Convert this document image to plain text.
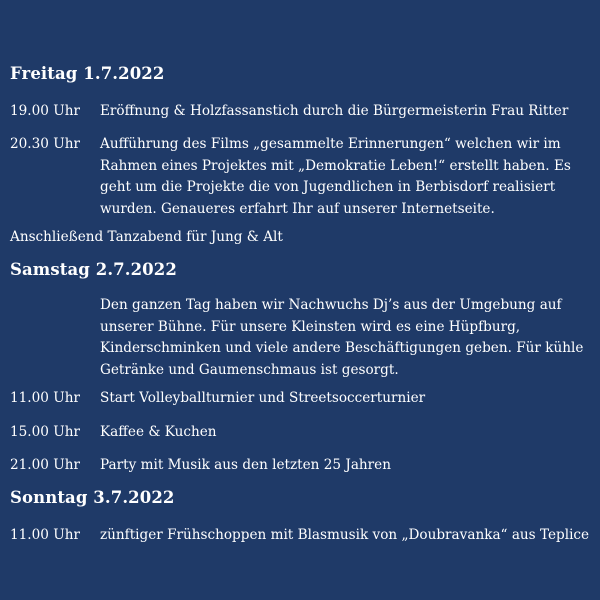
Freitag 1.7.2022
19.00 Uhr Eröffnung & Holzfassanstich durch die Bürgermeisterin Frau Ritter
20.30 Uhr Aufführung des Films „gesammelte Erinnerungen“ welchen wir im Rahmen eines Projektes mit „Demokratie Leben!“ erstellt haben. Es geht um die Projekte die von Jugendlichen in Berbisdorf realisiert wurden. Genaueres erfahrt Ihr auf unserer Internetseite.
Anschließend Tanzabend für Jung & Alt
Samstag 2.7.2022
Den ganzen Tag haben wir Nachwuchs Dj’s aus der Umgebung auf unserer Bühne. Für unsere Kleinsten wird es eine Hüpfburg, Kinderschminken und viele andere Beschäftigungen geben. Für kühle Getränke und Gaumenschmaus ist gesorgt.
11.00 Uhr Start Volleyballturnier und Streetsoccerturnier
15.00 Uhr Kaffee & Kuchen
21.00 Uhr Party mit Musik aus den letzten 25 Jahren
Sonntag 3.7.2022
11.00 Uhr zünftiger Frühschoppen mit Blasmusik von „Doubravanka“ aus Teplice
